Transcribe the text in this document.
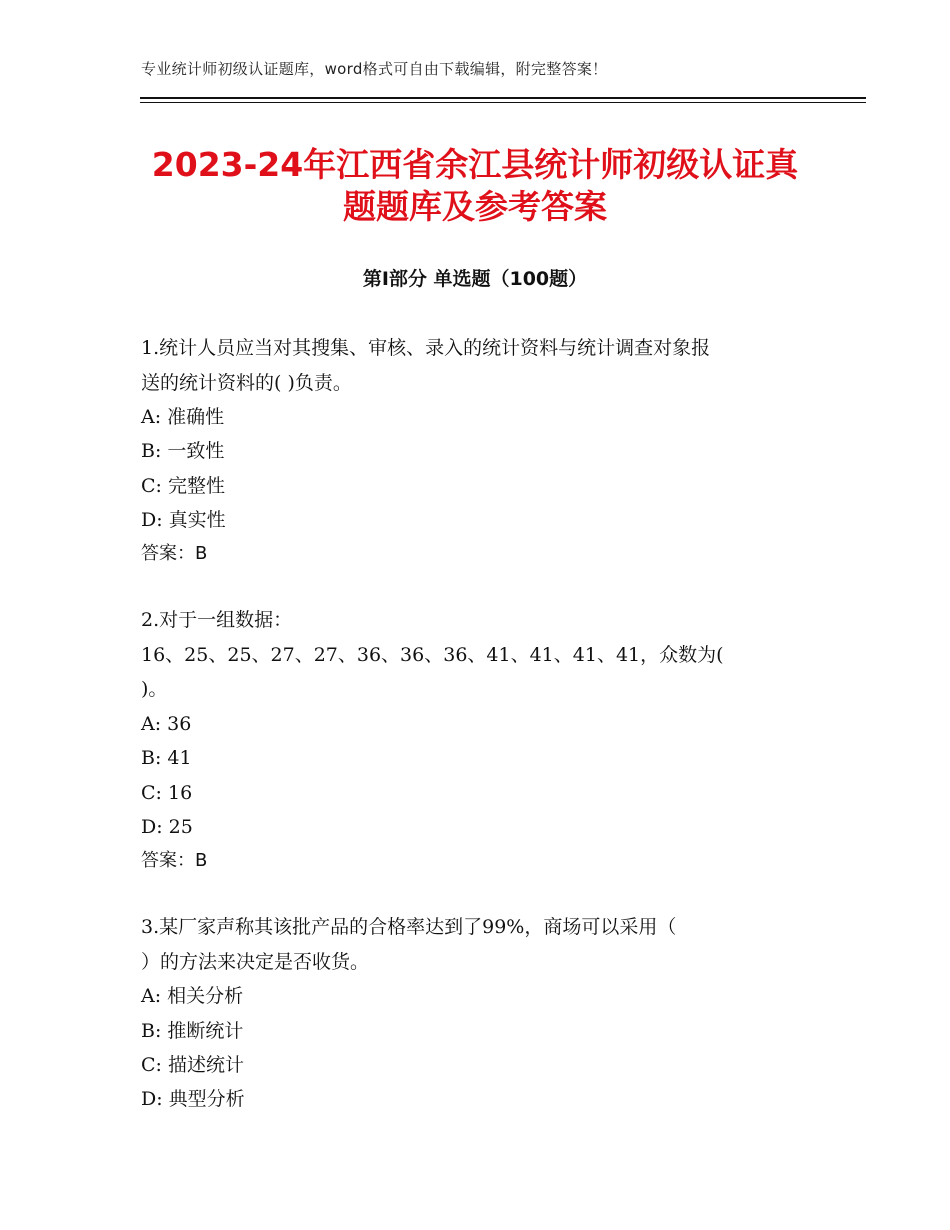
专业统计师初级认证题库，word格式可自由下载编辑，附完整答案！
2023-24年江西省余江县统计师初级认证真题题库及参考答案
第Ⅰ部分 单选题（100题）

1.统计人员应当对其搜集、审核、录入的统计资料与统计调查对象报

送的统计资料的( )负责。

A: 准确性

B: 一致性

C: 完整性

D: 真实性

答案：B

2.对于一组数据：

16、25、25、27、27、36、36、36、41、41、41、41，众数为(

)。

A: 36

B: 41

C: 16

D: 25

答案：B

3.某厂家声称其该批产品的合格率达到了99%，商场可以采用（

）的方法来决定是否收货。

A: 相关分析

B: 推断统计

C: 描述统计

D: 典型分析
